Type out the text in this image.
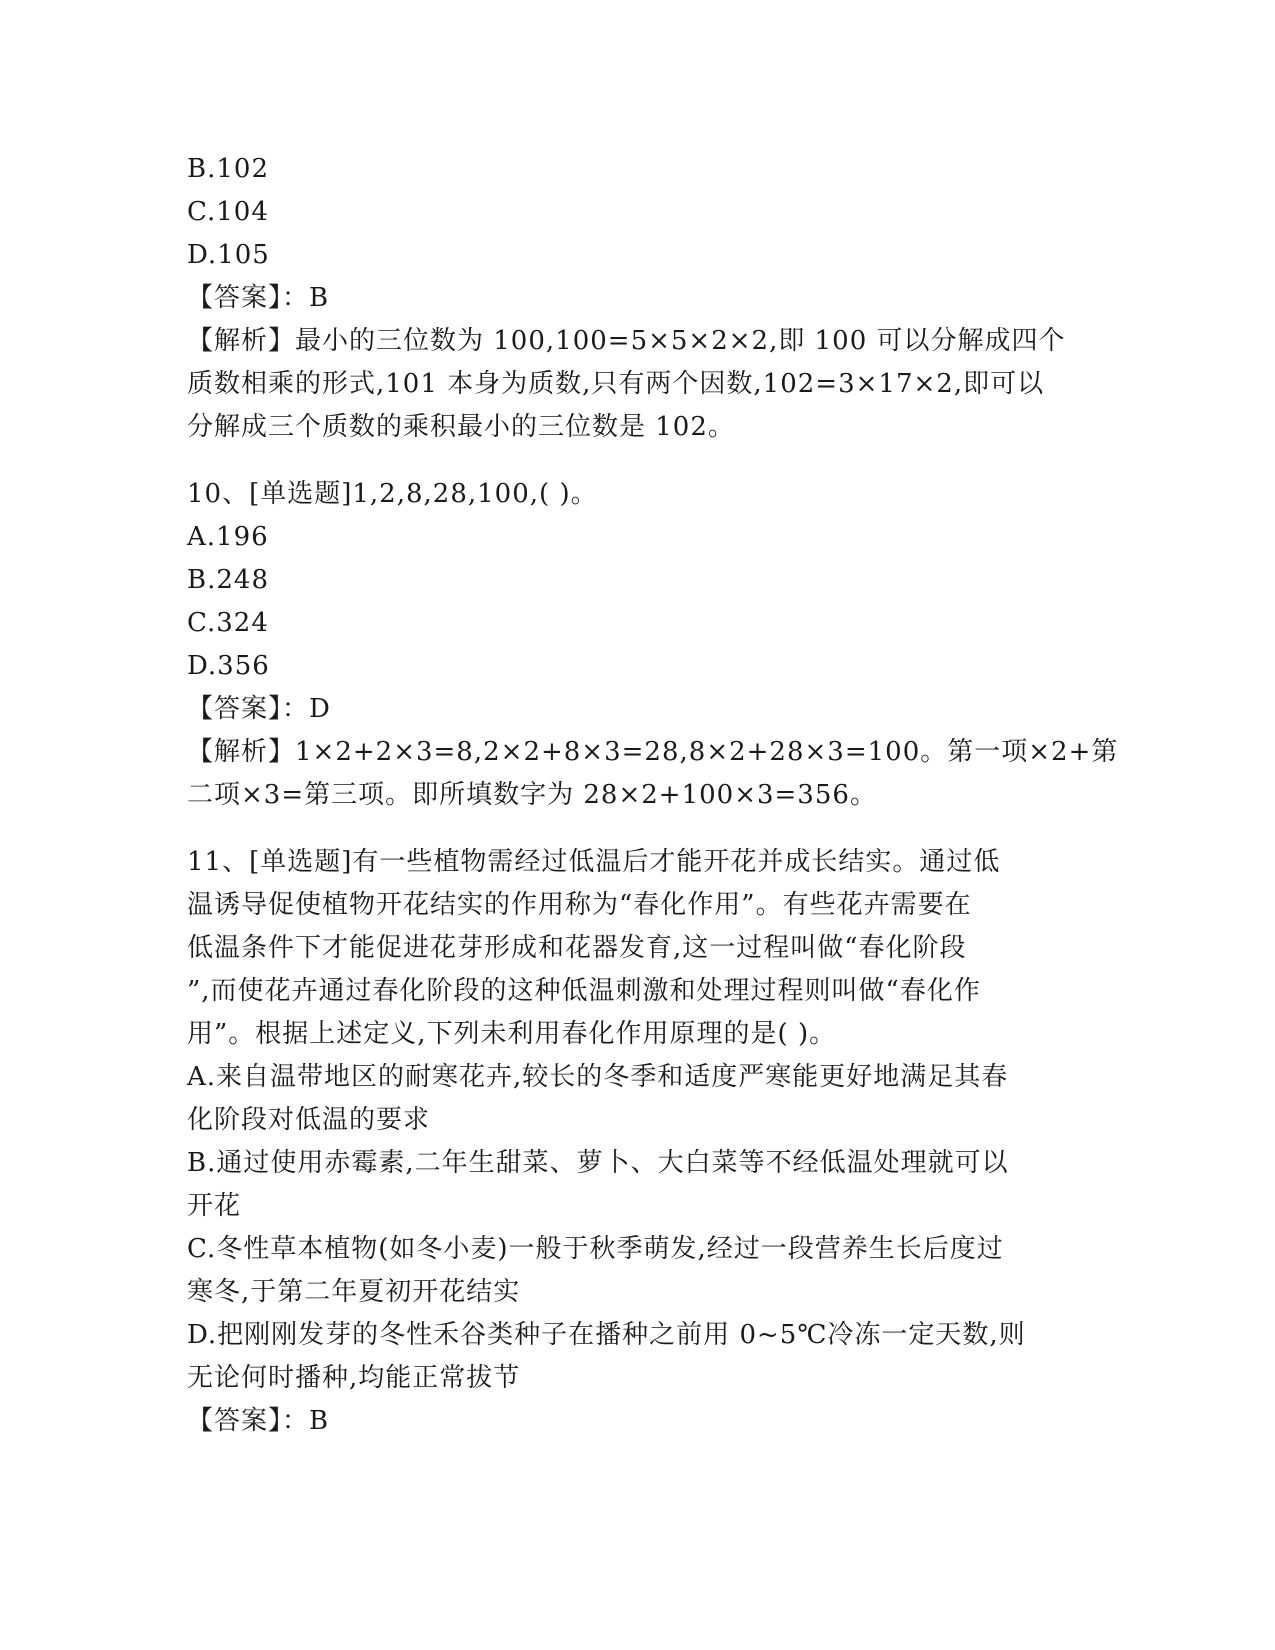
B.102
C.104
D.105
【答案】：B
【解析】最小的三位数为 100,100=5×5×2×2,即 100 可以分解成四个
质数相乘的形式,101 本身为质数,只有两个因数,102=3×17×2,即可以
分解成三个质数的乘积最小的三位数是 102。
10、[单选题]1,2,8,28,100,( )。
A.196
B.248
C.324
D.356
【答案】：D
【解析】1×2+2×3=8,2×2+8×3=28,8×2+28×3=100。第一项×2+第
二项×3=第三项。即所填数字为 28×2+100×3=356。
11、[单选题]有一些植物需经过低温后才能开花并成长结实。通过低
温诱导促使植物开花结实的作用称为“春化作用”。有些花卉需要在
低温条件下才能促进花芽形成和花器发育,这一过程叫做“春化阶段
”,而使花卉通过春化阶段的这种低温刺激和处理过程则叫做“春化作
用”。根据上述定义,下列未利用春化作用原理的是( )。
A.来自温带地区的耐寒花卉,较长的冬季和适度严寒能更好地满足其春
化阶段对低温的要求
B.通过使用赤霉素,二年生甜菜、萝卜、大白菜等不经低温处理就可以
开花
C.冬性草本植物(如冬小麦)一般于秋季萌发,经过一段营养生长后度过
寒冬,于第二年夏初开花结实
D.把刚刚发芽的冬性禾谷类种子在播种之前用 0~5℃冷冻一定天数,则
无论何时播种,均能正常拔节
【答案】：B
